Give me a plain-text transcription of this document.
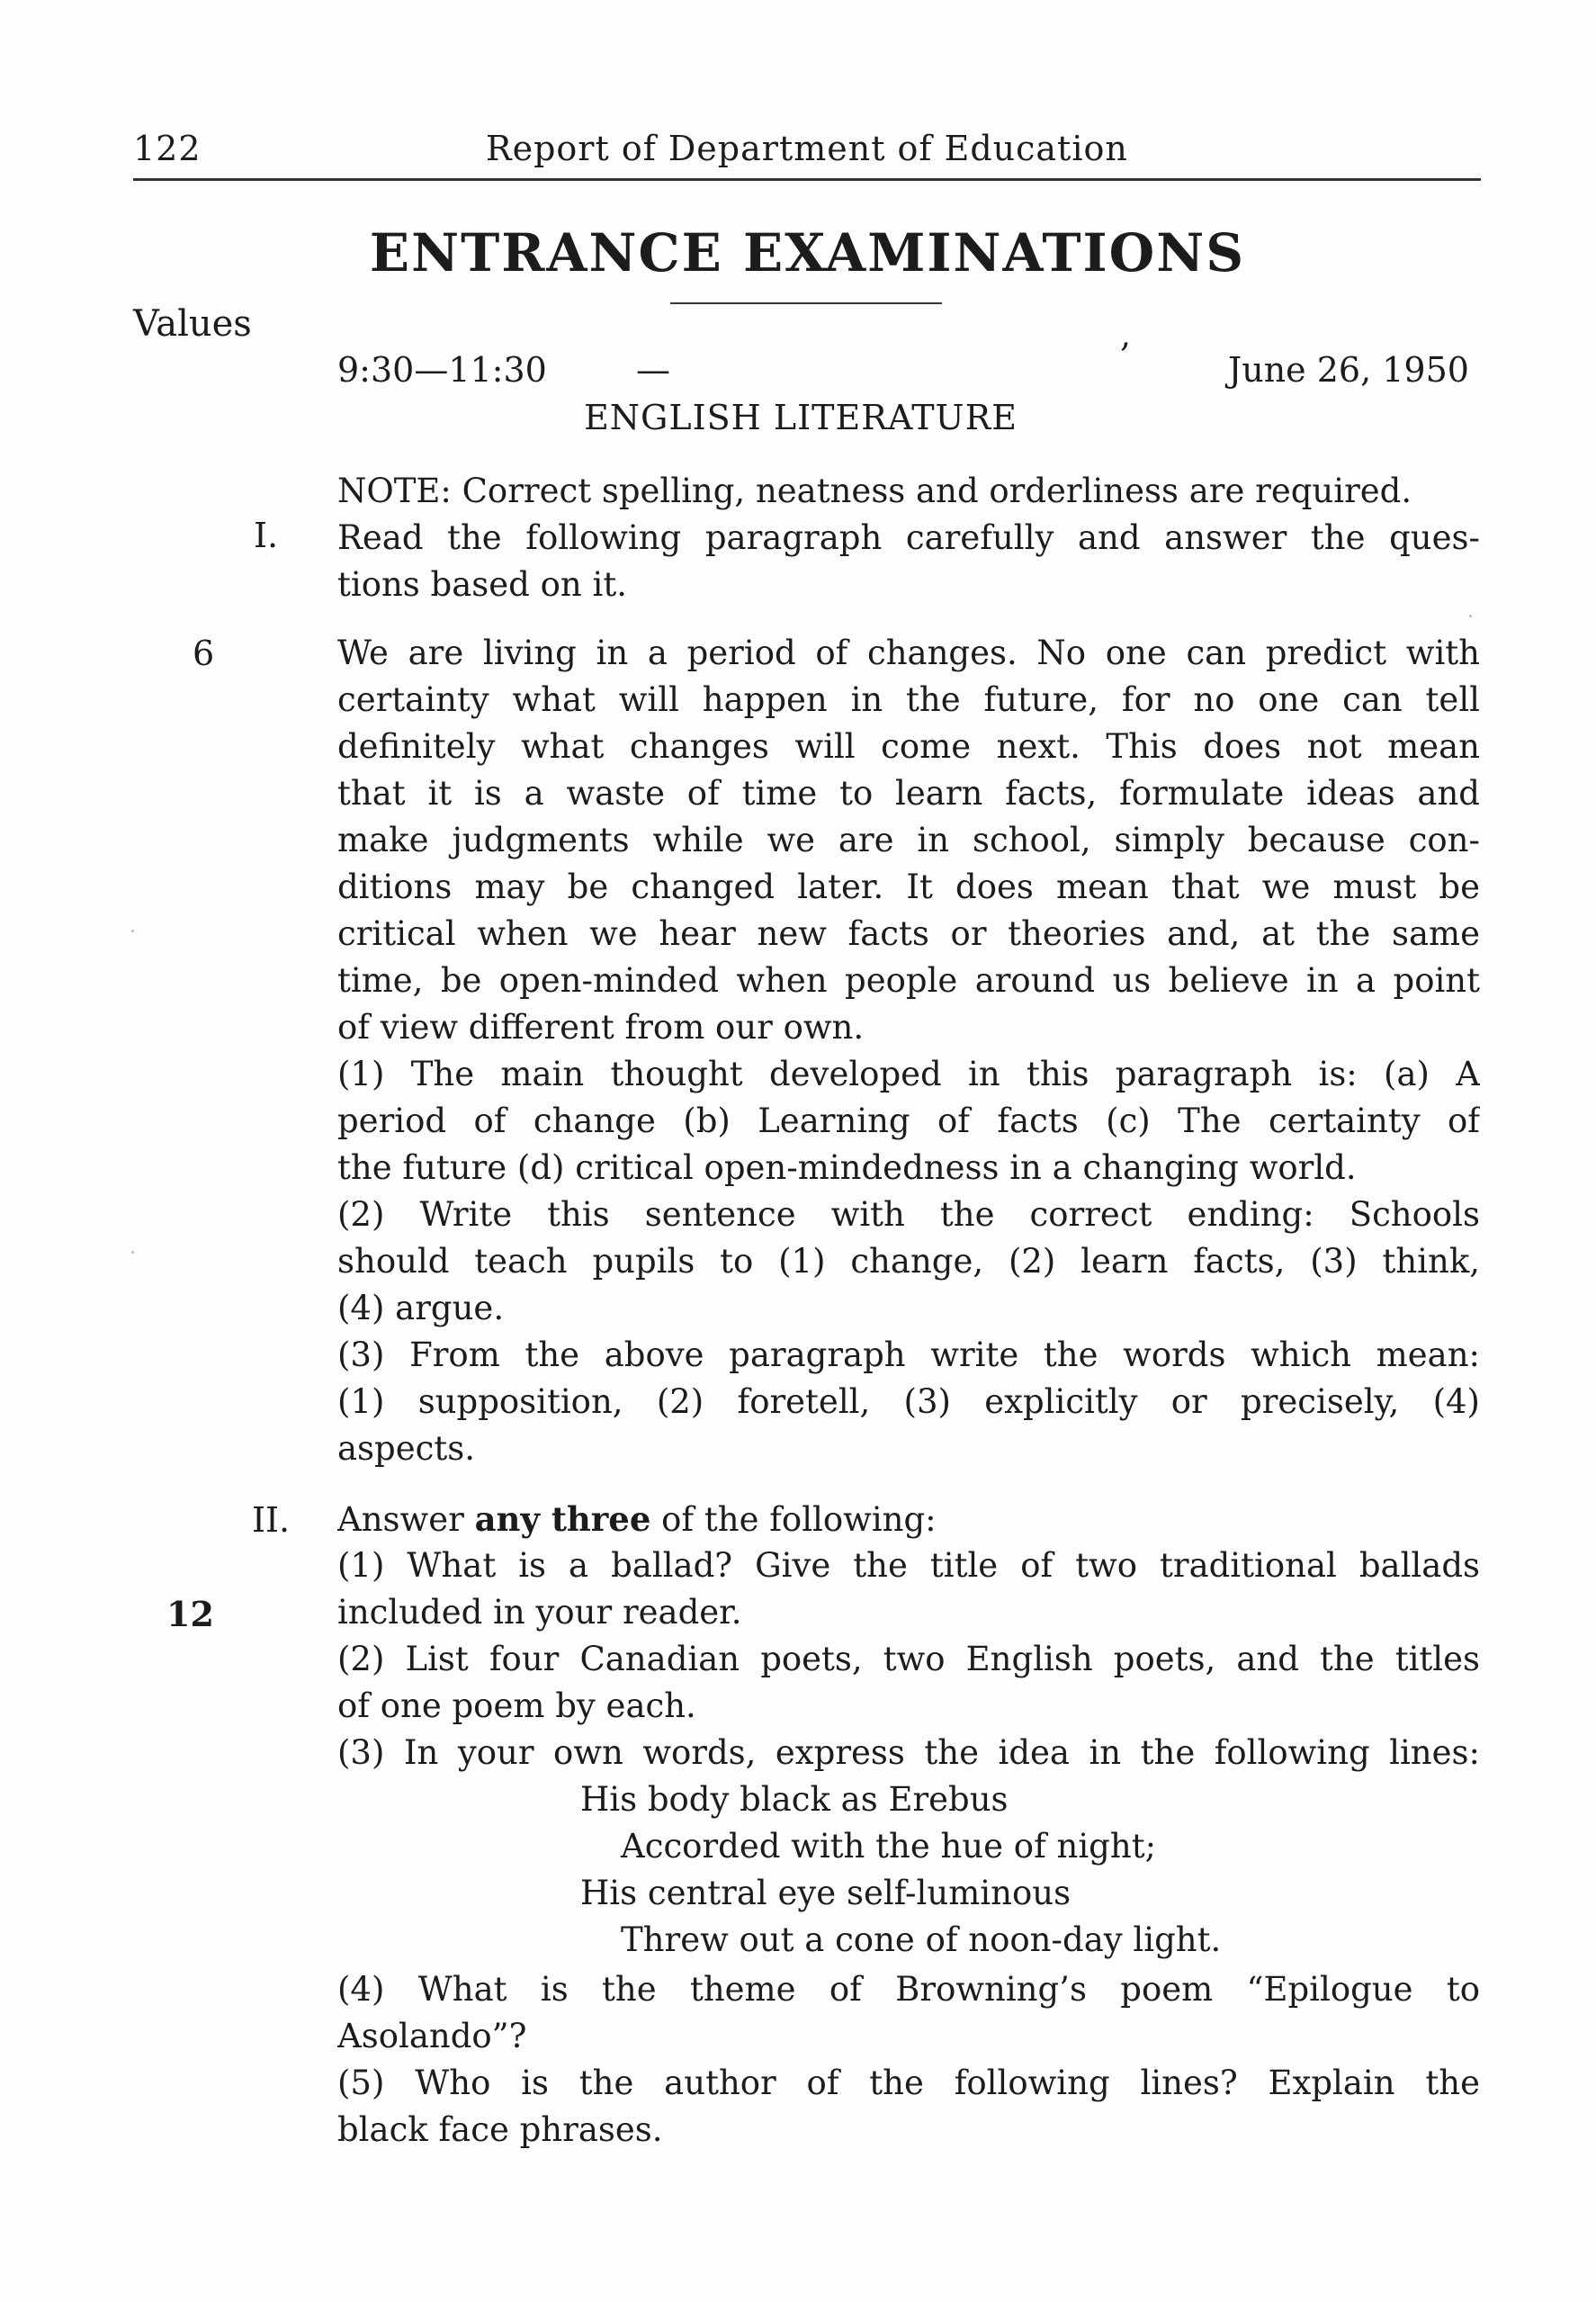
122	Report of Department of Education
ENTRANCE EXAMINATIONS
,
Values
9:30—11:30	—	June 26, 1950
ENGLISH LITERATURE
I.
6
II.
12
NOTE: Correct spelling, neatness and orderliness are required.
Read the following paragraph carefully and answer the ques-
tions based on it.
We are living in a period of changes. No one can predict with
certainty what will happen in the future, for no one can tell
definitely what changes will come next. This does not mean
that it is a waste of time to learn facts, formulate ideas and
make judgments while we are in school, simply because con-
ditions may be changed later. It does mean that we must be
critical when we hear new facts or theories and, at the same
time, be open-minded when people around us believe in a point
of view different from our own.
(1) The main thought developed in this paragraph is: (a) A
period of change (b) Learning of facts (c) The certainty of
the future (d) critical open-mindedness in a changing world.
(2) Write this sentence with the correct ending: Schools
should teach pupils to (1) change, (2) learn facts, (3) think,
(4) argue.
(3) From the above paragraph write the words which mean:
(1) supposition, (2) foretell, (3) explicitly or precisely, (4)
aspects.
Answer any three of the following:
(1) What is a ballad? Give the title of two traditional ballads
included in your reader.
(2) List four Canadian poets, two English poets, and the titles
of one poem by each.
(3) In your own words, express the idea in the following lines:
His body black as Erebus
Accorded with the hue of night;
His central eye self-luminous
Threw out a cone of noon-day light.
(4) What is the theme of Browning’s poem “Epilogue to
Asolando”?
(5) Who is the author of the following lines? Explain the
black face phrases.
